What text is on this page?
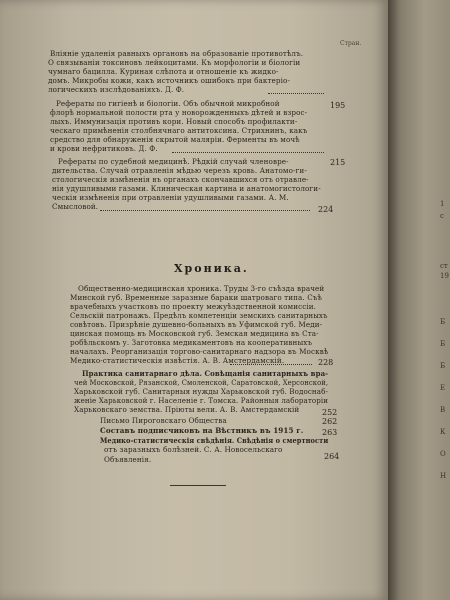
Стран.
Влiянiе удаленiя равныхъ органовъ на образованiе противотѣлъ.
О связыванiи токсиновъ лейкоцитами. Къ морфологiи и бiологiи
чумнаго бацилла. Куриная слѣпота и отношенiе къ жидко-
домъ. Микробы кожи, какъ источникъ ошибокъ при бактерiо-
логическихъ изслѣдованiяхъ. Д. Ф.
Рефераты по гигiенѣ и бiологiи. Объ обычной микробной	195
флорѣ нормальной полости рта у новорожденныхъ дѣтей и взрос-
лыхъ. Иммунизацiя противъ кори. Новый способъ профилакти-
ческаго примѣненiя столбнячнаго антитоксина. Стрихнинъ, какъ
средство для обнаруженiя скрытой малярiи. Ферменты въ мочѣ
и крови нефритиковъ. Д. Ф.
Рефераты по судебной медицинѣ. Рѣдкiй случай членоврe-	215
дительства. Случай отравленiя мѣдью черезъ кровь. Анатомо-ги-
стологическiя измѣненiя въ органахъ скончавшихся отъ отравле-
нiя удушливыми газами. Клиническая картина и анатомогистологи-
ческiя измѣненiя при отравленiи удушливыми газами. А. М.
Смысловой.	224
Хроника.
Общественно-медицинская хроника. Труды 3-го съѣзда врачей
Минской губ. Временные заразные бараки шатроваго типа. Съѣ
врачебныхъ участковъ по проекту межуѣздственной комиссiи.
Сельскiй патронажъ. Предѣлъ компетенцiи земскихъ санитарныхъ
совѣтовъ. Призрѣнiе душевно-больныхъ въ Уфимской губ. Меди-
цинская помощь въ Московской губ. Земская медицина въ Ста-
робѣльскомъ у. Заготовка медикаментовъ на кооперативныхъ
началахъ. Реорганизацiя торгово-санитарнаго надзора въ Москвѣ
Медико-статистическiя извѣстiя. А. В. Амстердамскiй.	228
Практика санитарнаго дѣла. Совѣщанiя санитарныхъ вра-
чей Московской, Рязанской, Смоленской, Саратовской, Херсонской,
Харьковской губ. Санитарныя нужды Харьковской губ. Водоснаб-
женiе Харьковской г. Населенiе г. Томска. Районныя лабораторiи
Харьковскаго земства. Прiюты вели. А. В. Амстердамскiй	252
Письмо Пироговскаго Общества	262
Составъ подписчиковъ на Вѣстникъ въ 1915 г. 263
Медико-статистическiя свѣдѣнiя. Свѣдѣнiя о смертности
отъ заразныхъ болѣзней. С. А. Новосельскаго
Объявленiя.	264
1
с
ст
19
Б
Б
Б
Е
В
К
О
Н
